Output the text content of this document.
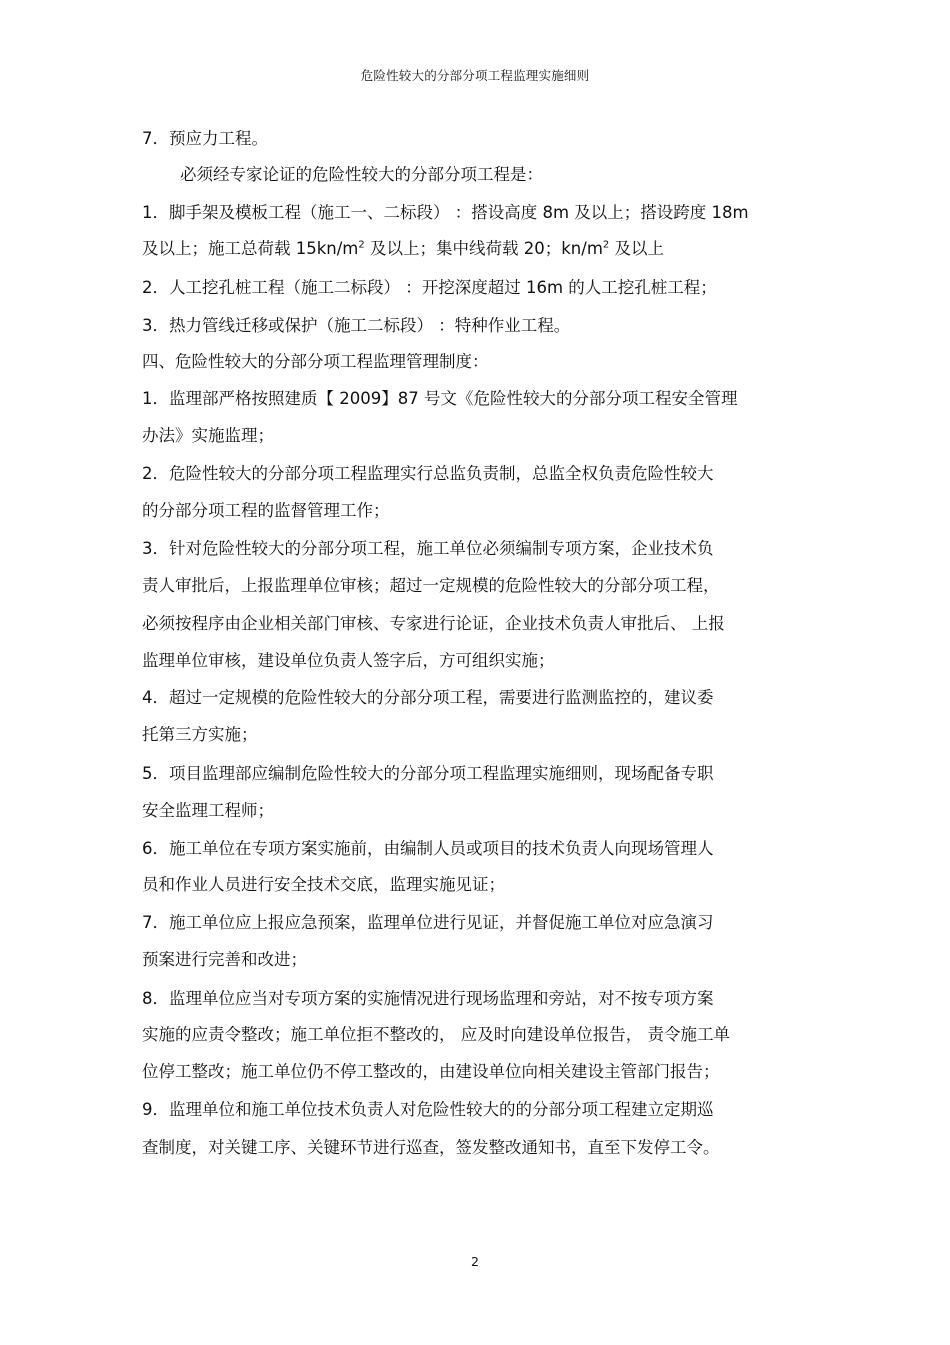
危险性较大的分部分项工程监理实施细则
7．预应力工程。
必须经专家论证的危险性较大的分部分项工程是：
1．脚手架及模板工程（施工一、二标段） ：搭设高度 8m 及以上；搭设跨度 18m
及以上；施工总荷载 $15kn/m^2$ 及以上；集中线荷载 20；$kn/m^2$ 及以上
2．人工挖孔桩工程（施工二标段） ：开挖深度超过 16m 的人工挖孔桩工程；
3．热力管线迁移或保护（施工二标段） ：特种作业工程。
四、危险性较大的分部分项工程监理管理制度：
1．监理部严格按照建质【 2009】87 号文《危险性较大的分部分项工程安全管理
办法》实施监理；
2．危险性较大的分部分项工程监理实行总监负责制，总监全权负责危险性较大
的分部分项工程的监督管理工作；
3．针对危险性较大的分部分项工程，施工单位必须编制专项方案，企业技术负
责人审批后，上报监理单位审核；超过一定规模的危险性较大的分部分项工程，
必须按程序由企业相关部门审核、专家进行论证，企业技术负责人审批后、 上报
监理单位审核，建设单位负责人签字后，方可组织实施；
4．超过一定规模的危险性较大的分部分项工程，需要进行监测监控的，建议委
托第三方实施；
5．项目监理部应编制危险性较大的分部分项工程监理实施细则，现场配备专职
安全监理工程师；
6．施工单位在专项方案实施前，由编制人员或项目的技术负责人向现场管理人
员和作业人员进行安全技术交底，监理实施见证；
7．施工单位应上报应急预案，监理单位进行见证，并督促施工单位对应急演习
预案进行完善和改进；
8．监理单位应当对专项方案的实施情况进行现场监理和旁站，对不按专项方案
实施的应责令整改；施工单位拒不整改的， 应及时向建设单位报告， 责令施工单
位停工整改；施工单位仍不停工整改的，由建设单位向相关建设主管部门报告；
9．监理单位和施工单位技术负责人对危险性较大的的分部分项工程建立定期巡
查制度，对关键工序、关键环节进行巡查，签发整改通知书，直至下发停工令。
2
